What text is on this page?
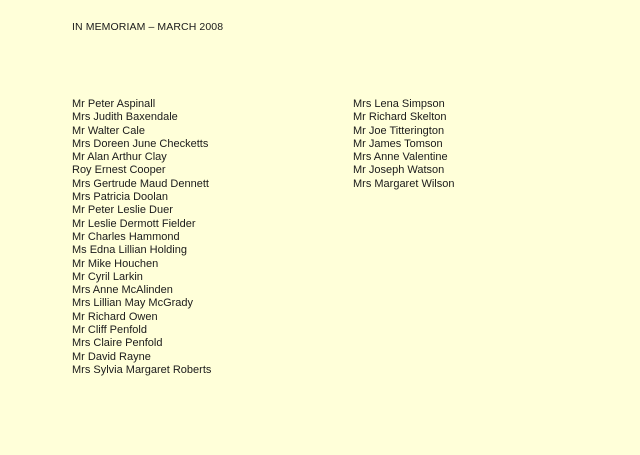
IN MEMORIAM – MARCH 2008
Mr Peter Aspinall
Mrs Judith Baxendale
Mr Walter Cale
Mrs Doreen June Checketts
Mr Alan Arthur Clay
Roy Ernest Cooper
Mrs Gertrude Maud Dennett
Mrs Patricia Doolan
Mr Peter Leslie Duer
Mr Leslie Dermott Fielder
Mr Charles Hammond
Ms Edna Lillian Holding
Mr Mike Houchen
Mr Cyril Larkin
Mrs Anne McAlinden
Mrs Lillian May McGrady
Mr Richard Owen
Mr Cliff Penfold
Mrs Claire Penfold
Mr David Rayne
Mrs Sylvia Margaret Roberts
Mrs Lena Simpson
Mr Richard Skelton
Mr Joe Titterington
Mr James Tomson
Mrs Anne Valentine
Mr Joseph Watson
Mrs Margaret Wilson
